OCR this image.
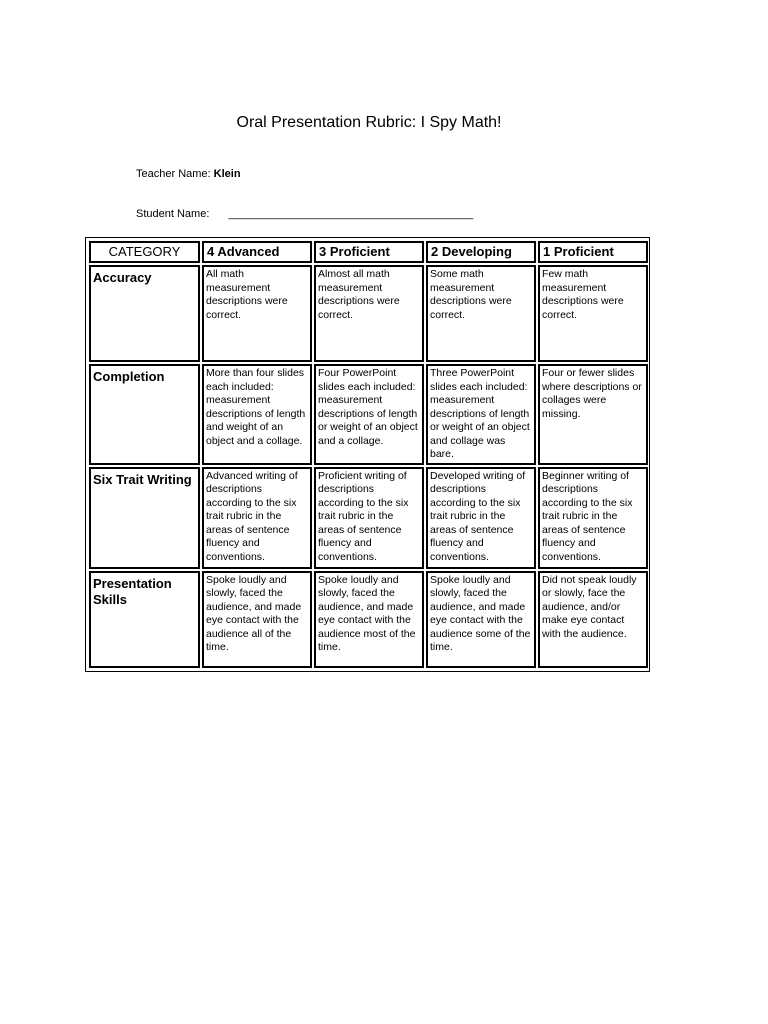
Oral Presentation Rubric: I Spy Math!
Teacher Name: Klein
Student Name: ________________________________________
CATEGORY	4 Advanced	3 Proficient	2 Developing	1 Proficient
Accuracy	All math measurement descriptions were correct.	Almost all math measurement descriptions were correct.	Some math measurement descriptions were correct.	Few math measurement descriptions were correct.
Completion	More than four slides each included: measurement descriptions of length and weight of an object and a collage.	Four PowerPoint slides each included: measurement descriptions of length or weight of an object and a collage.	Three PowerPoint slides each included: measurement descriptions of length or weight of an object and collage was bare.	Four or fewer slides where descriptions or collages were missing.
Six Trait Writing	Advanced writing of descriptions according to the six trait rubric in the areas of sentence fluency and conventions.	Proficient writing of descriptions according to the six trait rubric in the areas of sentence fluency and conventions.	Developed writing of descriptions according to the six trait rubric in the areas of sentence fluency and conventions.	Beginner writing of descriptions according to the six trait rubric in the areas of sentence fluency and conventions.
Presentation Skills	Spoke loudly and slowly, faced the audience, and made eye contact with the audience all of the time.	Spoke loudly and slowly, faced the audience, and made eye contact with the audience most of the time.	Spoke loudly and slowly, faced the audience, and made eye contact with the audience some of the time.	Did not speak loudly or slowly, face the audience, and/or make eye contact with the audience.
